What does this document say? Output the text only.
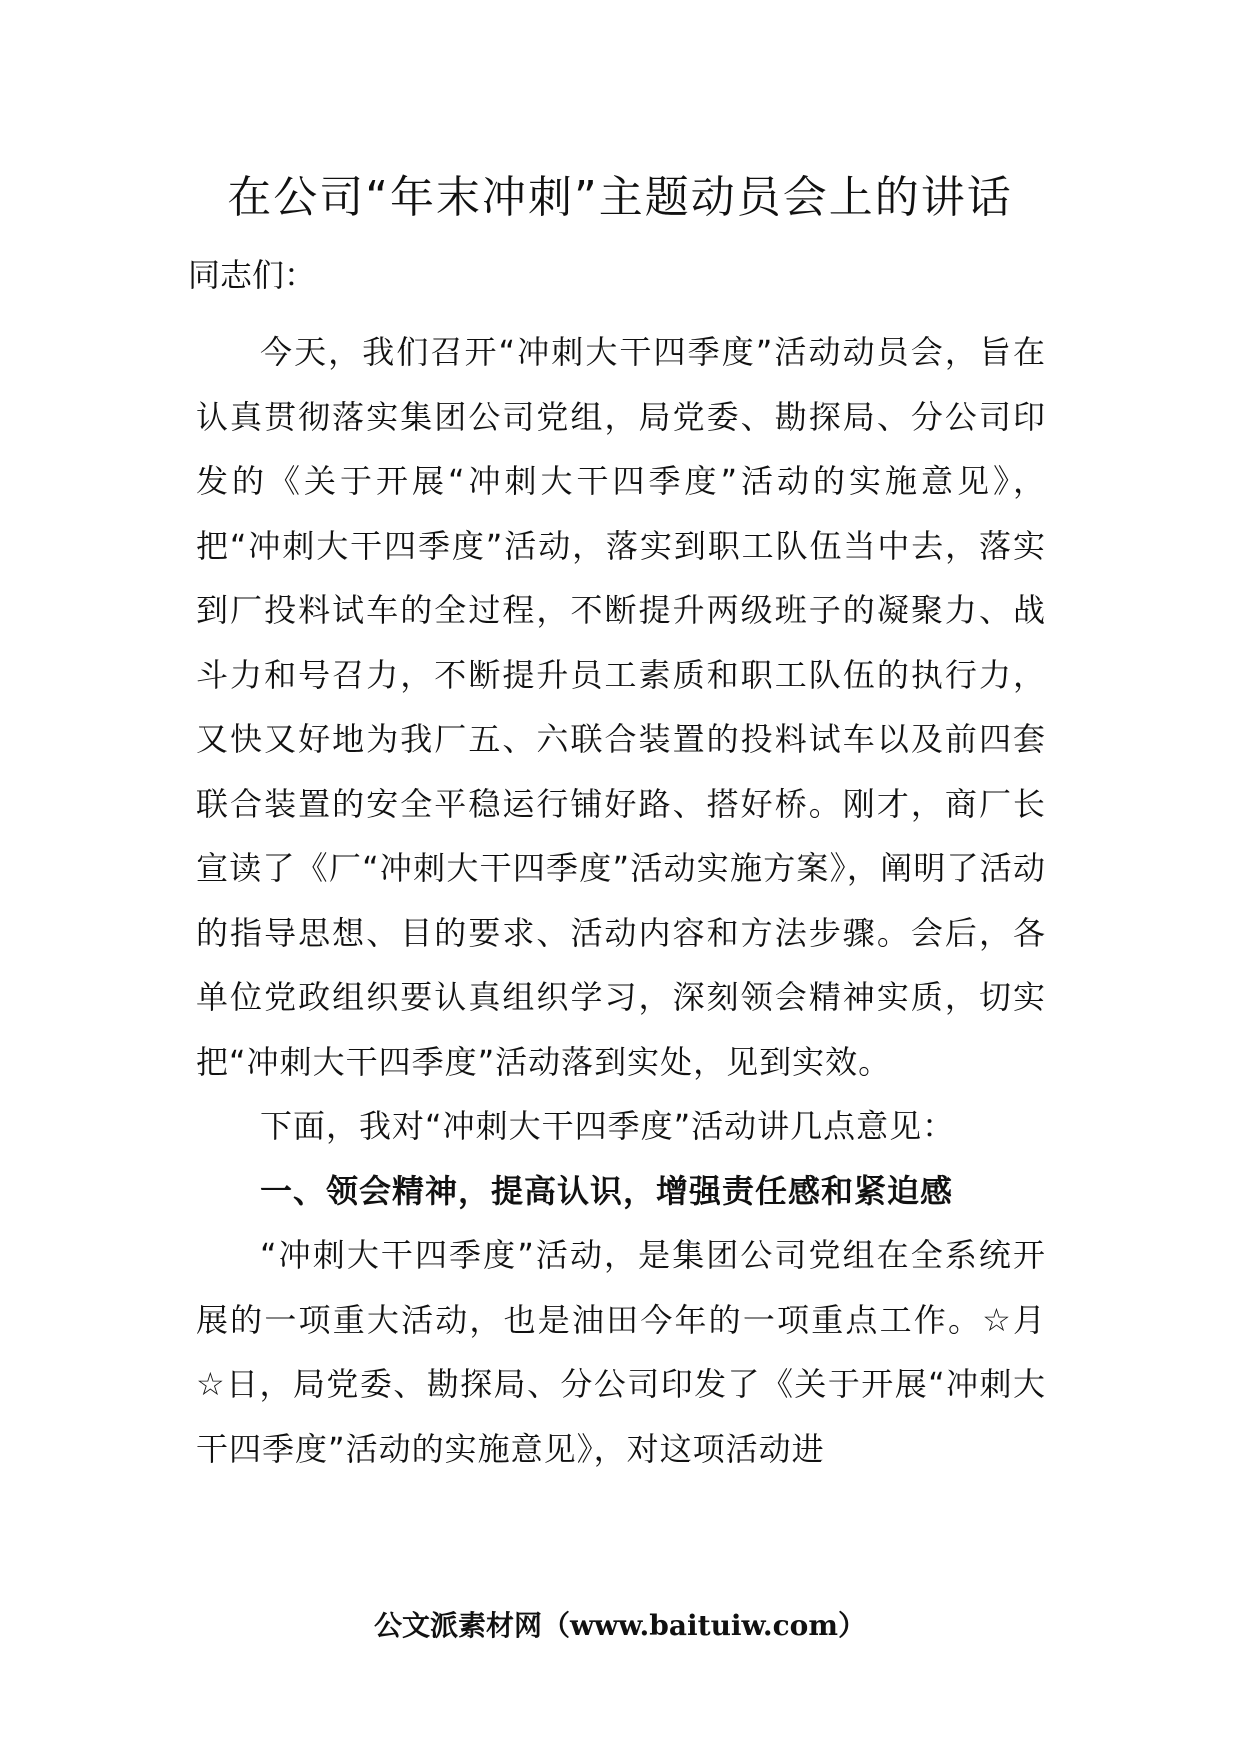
在公司“年末冲刺”主题动员会上的讲话
同志们：

今天，我们召开“冲刺大干四季度”活动动员会，旨在认真贯彻落实集团公司党组，局党委、勘探局、分公司印发的《关于开展“冲刺大干四季度”活动的实施意见》，把“冲刺大干四季度”活动，落实到职工队伍当中去，落实到厂投料试车的全过程，不断提升两级班子的凝聚力、战斗力和号召力，不断提升员工素质和职工队伍的执行力，又快又好地为我厂五、六联合装置的投料试车以及前四套联合装置的安全平稳运行铺好路、搭好桥。刚才，商厂长宣读了《厂“冲刺大干四季度”活动实施方案》，阐明了活动的指导思想、目的要求、活动内容和方法步骤。会后，各单位党政组织要认真组织学习，深刻领会精神实质，切实把“冲刺大干四季度”活动落到实处，见到实效。

下面，我对“冲刺大干四季度”活动讲几点意见：

一、领会精神，提高认识，增强责任感和紧迫感

“冲刺大干四季度”活动，是集团公司党组在全系统开展的一项重大活动，也是油田今年的一项重点工作。☆月☆日，局党委、勘探局、分公司印发了《关于开展“冲刺大干四季度”活动的实施意见》，对这项活动进

公文派素材网（www.baituiw.com）
